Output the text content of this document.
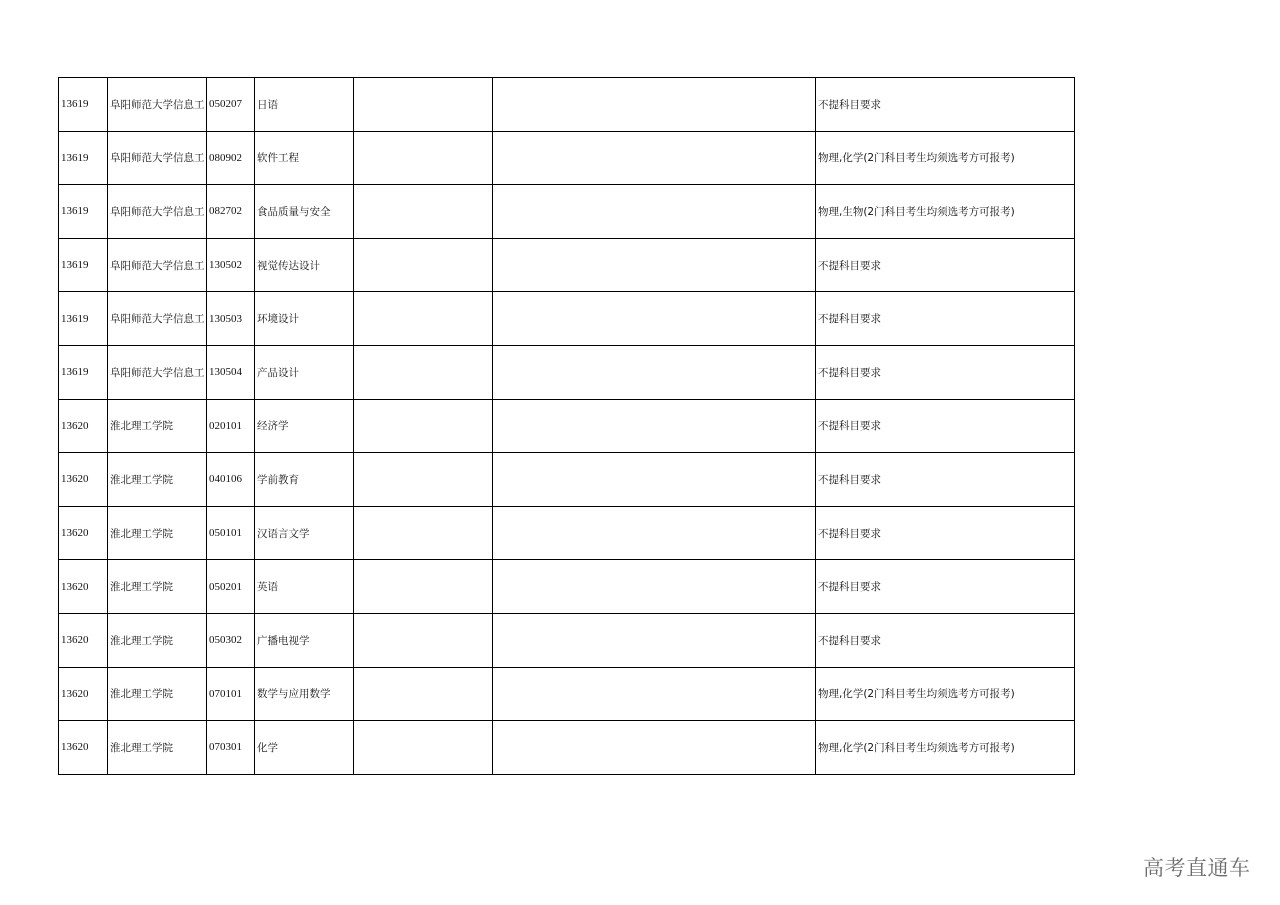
13619	阜阳师范大学信息工	050207	日语			不提科目要求
13619	阜阳师范大学信息工	080902	软件工程			物理,化学(2门科目考生均须选考方可报考)
13619	阜阳师范大学信息工	082702	食品质量与安全			物理,生物(2门科目考生均须选考方可报考)
13619	阜阳师范大学信息工	130502	视觉传达设计			不提科目要求
13619	阜阳师范大学信息工	130503	环境设计			不提科目要求
13619	阜阳师范大学信息工	130504	产品设计			不提科目要求
13620	淮北理工学院	020101	经济学			不提科目要求
13620	淮北理工学院	040106	学前教育			不提科目要求
13620	淮北理工学院	050101	汉语言文学			不提科目要求
13620	淮北理工学院	050201	英语			不提科目要求
13620	淮北理工学院	050302	广播电视学			不提科目要求
13620	淮北理工学院	070101	数学与应用数学			物理,化学(2门科目考生均须选考方可报考)
13620	淮北理工学院	070301	化学			物理,化学(2门科目考生均须选考方可报考)
高考直通车
